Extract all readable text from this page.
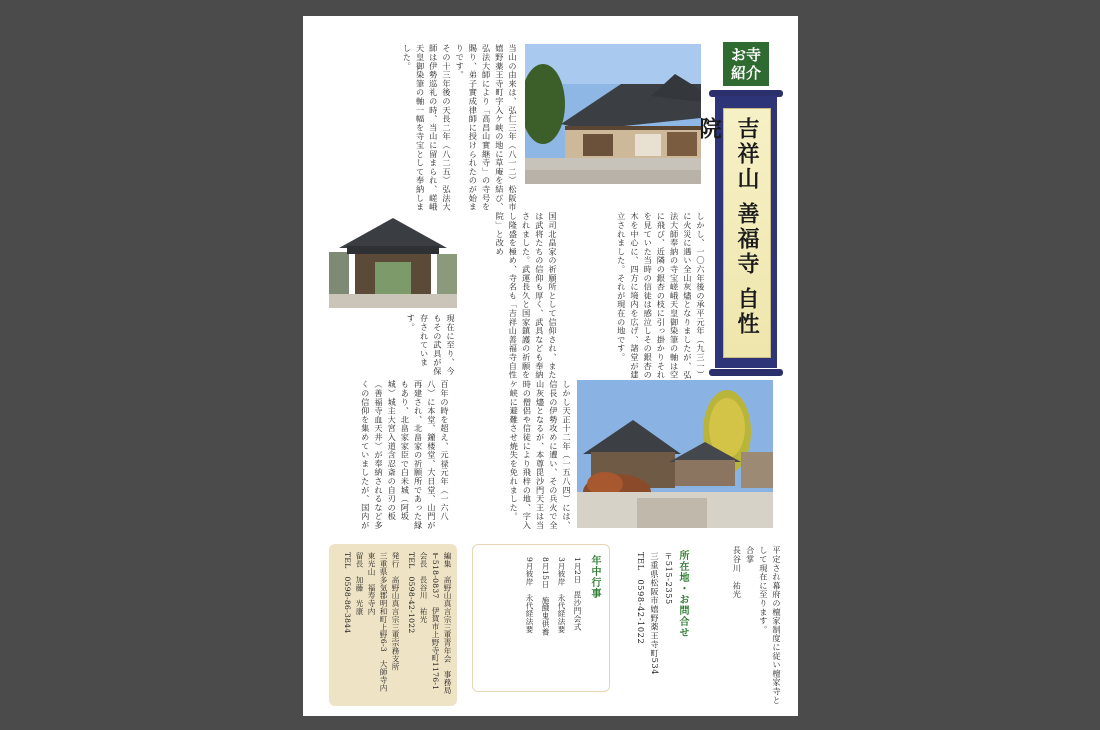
お寺
紹介
吉祥山善福寺自性院
当山の由来は、弘仁三年（八一二）松阪市嬉野薬王寺町字入ケ峡の地に草庵を結び、弘法大師により「高昌山實継寺」の寺号を賜り、弟子實成律師に授けられたのが始まりです。
その十三年後の天長二年（八二五）弘法大師は伊勢巡礼の時、当山に留まられ、嵯峨天皇御染筆の軸一幅を寺宝として奉納しました。
しかし、一〇六年後の承平元年（九三一）に火災に遇い全山灰燼となりましたが、弘法大師奉納の寺宝嵯峨天皇御染筆の軸は空に飛び、近隣の銀杏の枝に引っ掛かりそれを見ていた当時の信徒は感泣しその銀杏の木を中心に、四方に境内を広げ、諸堂が建立されました。それが現在の地です。
国司北畠家の祈願所として信仰され、または武将たちの信仰も厚く、武具なども奉納されました。武運長久と国家鎮護の祈願をし隆盛を極め、寺名も「吉祥山善福寺自性院」と改め
現在に至り、今もその武具が保存されています。
しかし天正十二年（一五八四）には、信長の伊勢攻めに遭い、その兵火で全山灰燼となるが、本尊毘沙門天王は当時の僧侶や信徒により飛梓の地、字入ケ峡に避難させ焼失を免れました。
百年の時を超え、元禄元年（一六八八）に本堂、鐘楼堂、大日堂、山門が再建され、北畠家の祈願所であった縁もあり、北畠家家臣で白米城（阿坂城）城主大宮入道含忍斎の自刃の板（善福寺血天井）が奉納されるなど多くの信仰を集めていましたが、国内が
平定され幕府の檀家制度に従い檀家寺として現在に至ります。
合掌
長谷川　祐光
所在地・お問合せ
〒515-2355
三重県松阪市嬉野薬王寺町534
TEL　0598-42-1022
年中行事
1月2日　毘沙門会式
3月彼岸　永代経法要
8月15日　施餓鬼供養
9月彼岸　永代経法要
編集　高野山真言宗三重青年会　事務局
〒518-0837　伊賀市上野寺町1176-1　
会長　長谷川　祐光
TEL　0598-42-1022
発行　高野山真言宗三重宗務支所
三重県多気郡明和町上野6-3　大師寺内
東光山　福寿寺内
留長　加藤　光康
TEL　0598-86-3844
